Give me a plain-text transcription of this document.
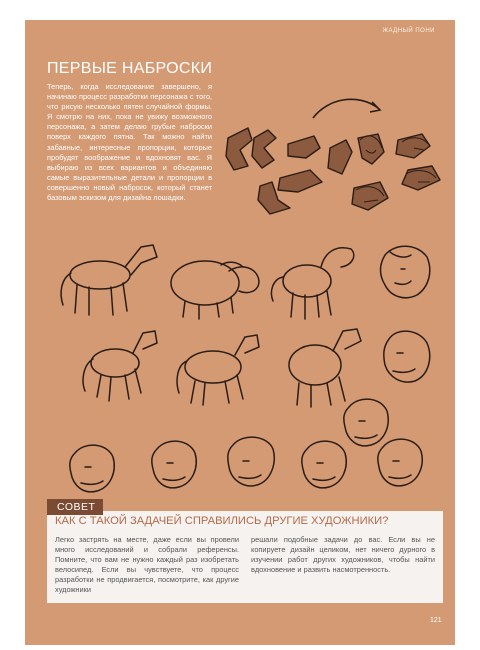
ЖАДНЫЙ ПОНИ
ПЕРВЫЕ НАБРОСКИ
Теперь, когда исследование завершено, я начинаю процесс разработки персонажа с того, что рисую несколько пятен случайной формы. Я смотрю на них, пока не увижу возможного персонажа, а затем делаю грубые наброски поверх каждого пятна. Так можно найти забавные, интересные пропорции, которые пробудят воображение и вдохновят вас. Я выбираю из всех вариантов и объединяю самые выразительные детали и пропорции в совершенно новый набросок, который станет базовым эскизом для дизайна лошадки.
КАК С ТАКОЙ ЗАДАЧЕЙ СПРАВИЛИСЬ ДРУГИЕ ХУДОЖНИКИ?
Легко застрять на месте, даже если вы провели много исследований и собрали референсы. Помните, что вам не нужно каждый раз изобретать велосипед. Если вы чувствуете, что процесс разработки не продвигается, посмотрите, как другие художники
решали подобные задачи до вас. Если вы не копируете дизайн целиком, нет ничего дурного в изучении работ других художников, чтобы найти вдохновение и развить насмотренность.
СОВЕТ
121
